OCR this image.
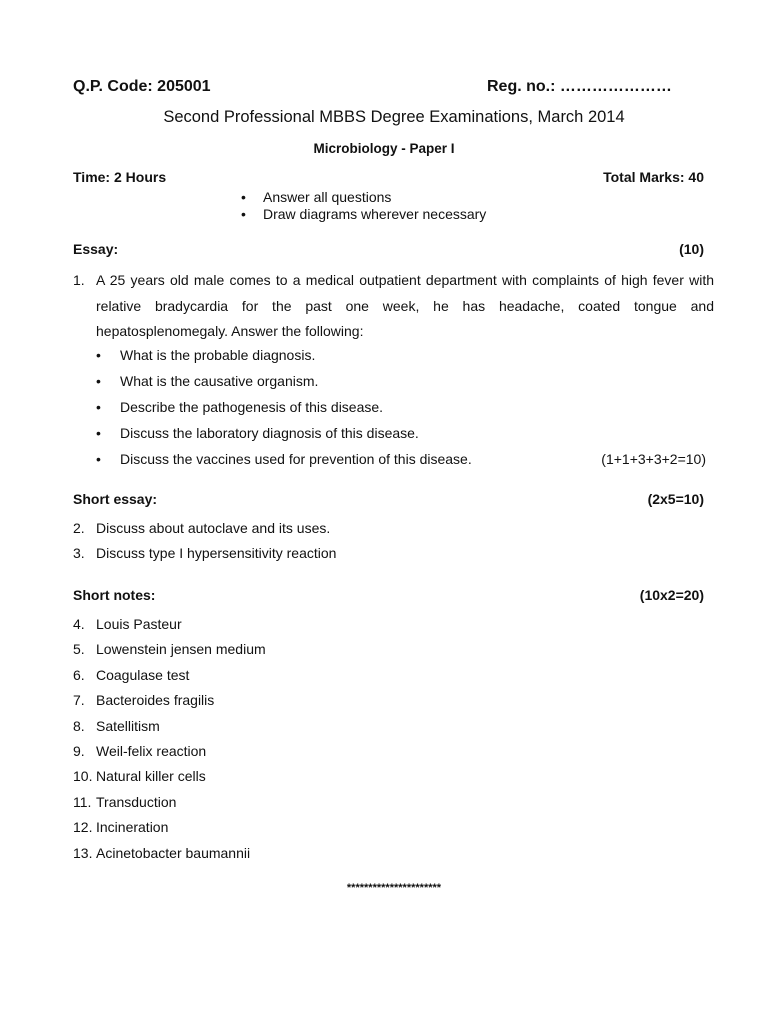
Q.P. Code: 205001	Reg. no.: …………………
Second Professional MBBS Degree Examinations, March 2014
Microbiology - Paper I
Time: 2 Hours	Total Marks: 40
• Answer all questions
• Draw diagrams wherever necessary
Essay:	(10)
1. A 25 years old male comes to a medical outpatient department with complaints of high fever with relative bradycardia for the past one week, he has headache, coated tongue and hepatosplenomegaly. Answer the following:
• What is the probable diagnosis.
• What is the causative organism.
• Describe the pathogenesis of this disease.
• Discuss the laboratory diagnosis of this disease.
• Discuss the vaccines used for prevention of this disease.	(1+1+3+3+2=10)
Short essay:	(2x5=10)
2. Discuss about autoclave and its uses.
3. Discuss type I hypersensitivity reaction
Short notes:	(10x2=20)
4. Louis Pasteur
5. Lowenstein jensen medium
6. Coagulase test
7. Bacteroides fragilis
8. Satellitism
9. Weil-felix reaction
10. Natural killer cells
11. Transduction
12. Incineration
13. Acinetobacter baumannii
**********************
